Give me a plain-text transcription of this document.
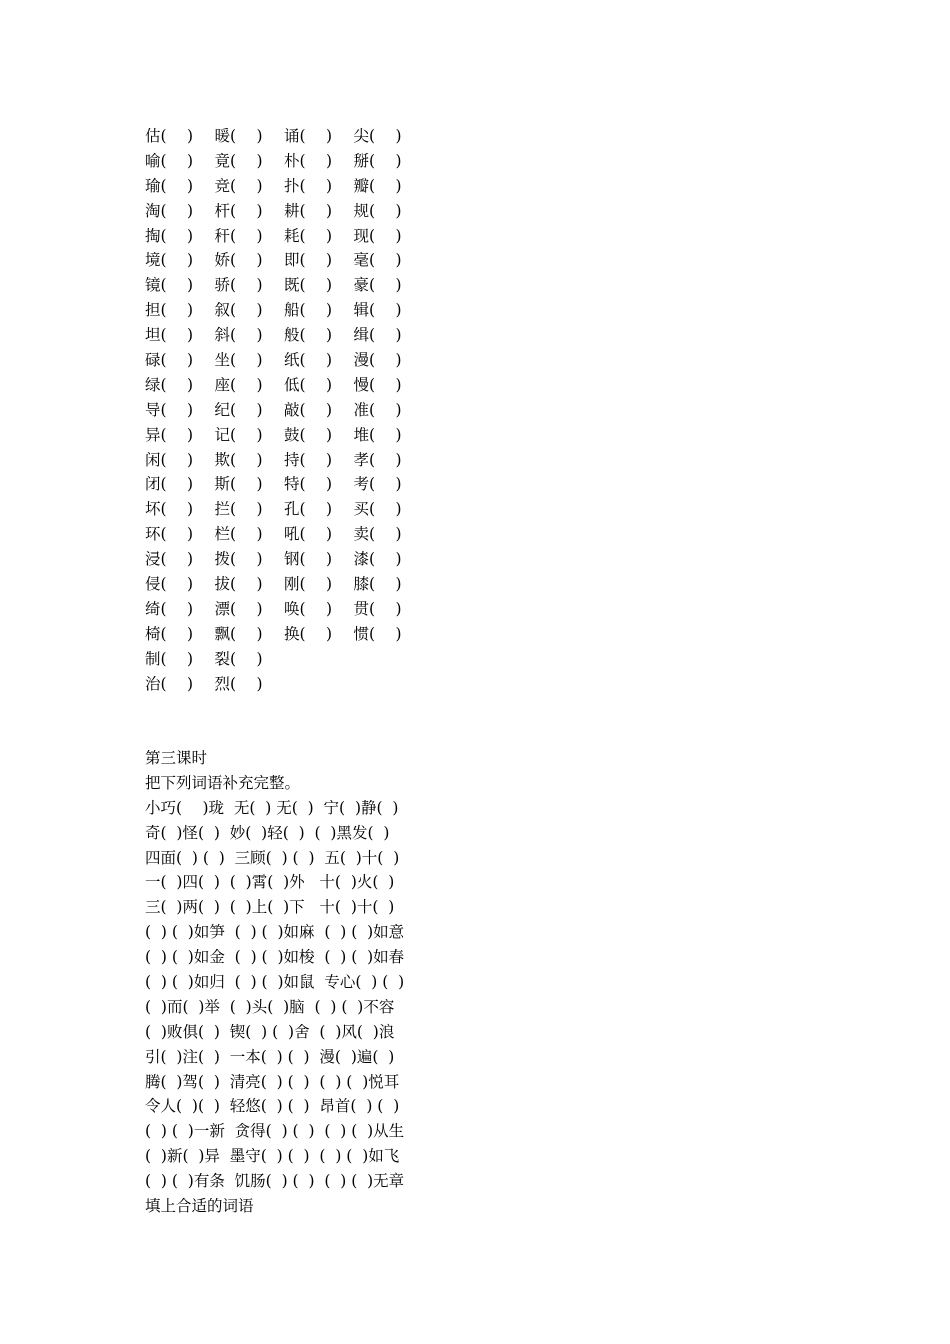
估(　 ) 暖(　 ) 诵(　 ) 尖(　 )
喻(　 ) 竟(　 ) 朴(　 ) 掰(　 )
瑜(　 ) 竞(　 ) 扑(　 ) 瓣(　 )
淘(　 ) 杆(　 ) 耕(　 ) 规(　 )
掏(　 ) 秆(　 ) 耗(　 ) 现(　 )
境(　 ) 娇(　 ) 即(　 ) 毫(　 )
镜(　 ) 骄(　 ) 既(　 ) 豪(　 )
担(　 ) 叙(　 ) 船(　 ) 辑(　 )
坦(　 ) 斜(　 ) 般(　 ) 缉(　 )
碌(　 ) 坐(　 ) 纸(　 ) 漫(　 )
绿(　 ) 座(　 ) 低(　 ) 慢(　 )
导(　 ) 纪(　 ) 敲(　 ) 准(　 )
异(　 ) 记(　 ) 鼓(　 ) 堆(　 )
闲(　 ) 欺(　 ) 持(　 ) 孝(　 )
闭(　 ) 斯(　 ) 特(　 ) 考(　 )
坏(　 ) 拦(　 ) 孔(　 ) 买(　 )
环(　 ) 栏(　 ) 吼(　 ) 卖(　 )
浸(　 ) 拨(　 ) 钢(　 ) 漆(　 )
侵(　 ) 拔(　 ) 刚(　 ) 膝(　 )
绮(　 ) 漂(　 ) 唤(　 ) 贯(　 )
椅(　 ) 飘(　 ) 换(　 ) 惯(　 )
制(　 ) 裂(　 )
治(　 ) 烈(　 )
第三课时
把下列词语补充完整。
小巧(　 )珑  无(  ) 无(  )  宁(  )静(  )
奇(  )怪(  )  妙(  )轻(  )  (  )黑发(  )
四面(  ) (  )  三顾(  ) (  )  五(  )十(  )
一(  )四(  )  (  )霄(  )外   十(  )火(  )
三(  )两(  )  (  )上(  )下   十(  )十(  )
(  ) (  )如笋  (  ) (  )如麻  (  ) (  )如意
(  ) (  )如金  (  ) (  )如梭  (  ) (  )如春
(  ) (  )如归  (  ) (  )如鼠  专心(  ) (  )
(  )而(  )举  (  )头(  )脑  (  ) (  )不容
(  )败俱(  )  锲(  ) (  )舍  (  )风(  )浪
引(  )注(  )  一本(  ) (  )  漫(  )遍(  )
腾(  )驾(  )  清亮(  ) (  )  (  ) (  )悦耳
令人(  )(  )  轻悠(  ) (  )  昂首(  ) (  )
(  ) (  )一新  贪得(  ) (  )  (  ) (  )从生
(  )新(  )异  墨守(  ) (  )  (  ) (  )如飞
(  ) (  )有条  饥肠(  ) (  )  (  ) (  )无章
填上合适的词语
